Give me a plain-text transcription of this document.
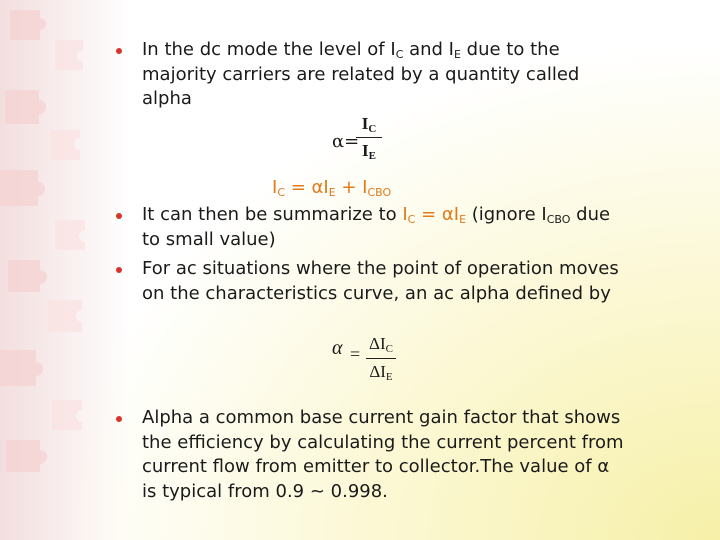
In the dc mode the level of $I_C$ and $I_E$ due to the
majority carriers are related by a quantity called
alpha
α=
$I_C$
$I_E$
$I_C = \alpha I_E + I_{CBO}$
It can then be summarize to $I_C = \alpha I_E$ (ignore $I_{CBO}$ due
to small value)
For ac situations where the point of operation moves
on the characteristics curve, an ac alpha defined by
α =
$\Delta I_C$
$\Delta I_E$
Alpha a common base current gain factor that shows
the efficiency by calculating the current percent from
current flow from emitter to collector.The value of α
is typical from 0.9 ~ 0.998.
